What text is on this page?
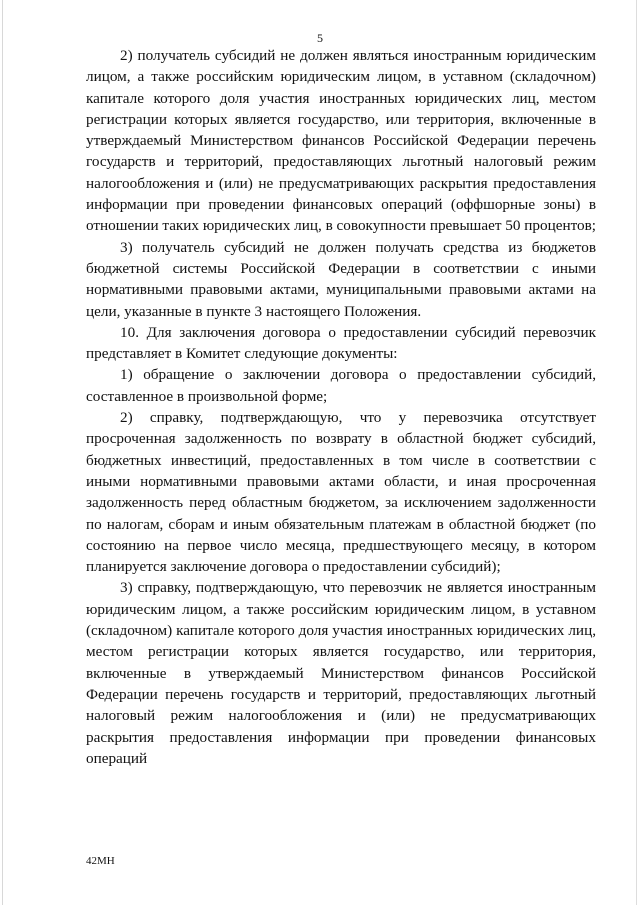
5

2) получатель субсидий не должен являться иностранным юридическим лицом, а также российским юридическим лицом, в уставном (складочном) капитале которого доля участия иностранных юридических лиц, местом регистрации которых является государство, или территория, включенные в утверждаемый Министерством финансов Российской Федерации перечень государств и территорий, предоставляющих льготный налоговый режим налогообложения и (или) не предусматривающих раскрытия предоставления информации при проведении финансовых операций (оффшорные зоны) в отношении таких юридических лиц, в совокупности превышает 50 процентов;

3) получатель субсидий не должен получать средства из бюджетов бюджетной системы Российской Федерации в соответствии с иными нормативными правовыми актами, муниципальными правовыми актами на цели, указанные в пункте 3 настоящего Положения.

10. Для заключения договора о предоставлении субсидий перевозчик представляет в Комитет следующие документы:

1) обращение о заключении договора о предоставлении субсидий, составленное в произвольной форме;

2) справку, подтверждающую, что у перевозчика отсутствует просроченная задолженность по возврату в областной бюджет субсидий, бюджетных инвестиций, предоставленных в том числе в соответствии с иными нормативными правовыми актами области, и иная просроченная задолженность перед областным бюджетом, за исключением задолженности по налогам, сборам и иным обязательным платежам в областной бюджет (по состоянию на первое число месяца, предшествующего месяцу, в котором планируется заключение договора о предоставлении субсидий);

3) справку, подтверждающую, что перевозчик не является иностранным юридическим лицом, а также российским юридическим лицом, в уставном (складочном) капитале которого доля участия иностранных юридических лиц, местом регистрации которых является государство, или территория, включенные в утверждаемый Министерством финансов Российской Федерации перечень государств и территорий, предоставляющих льготный налоговый режим налогообложения и (или) не предусматривающих раскрытия предоставления информации при проведении финансовых операций

42МН
